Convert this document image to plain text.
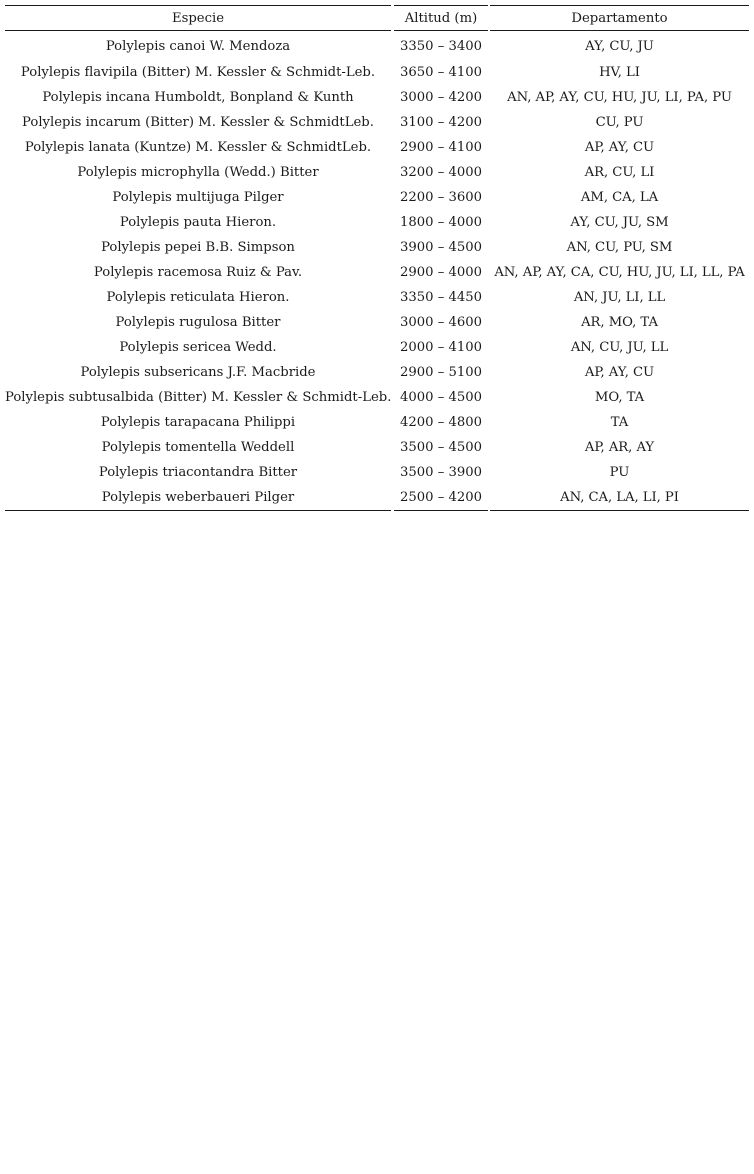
Especie		Altitud (m)		Departamento
Polylepis canoi W. Mendoza		3350 – 3400		AY, CU, JU
Polylepis flavipila (Bitter) M. Kessler & Schmidt-Leb.		3650 – 4100		HV, LI
Polylepis incana Humboldt, Bonpland & Kunth		3000 – 4200		AN, AP, AY, CU, HU, JU, LI, PA, PU
Polylepis incarum (Bitter) M. Kessler & SchmidtLeb.		3100 – 4200		CU, PU
Polylepis lanata (Kuntze) M. Kessler & SchmidtLeb.		2900 – 4100		AP, AY, CU
Polylepis microphylla (Wedd.) Bitter		3200 – 4000		AR, CU, LI
Polylepis multijuga Pilger		2200 – 3600		AM, CA, LA
Polylepis pauta Hieron.		1800 – 4000		AY, CU, JU, SM
Polylepis pepei B.B. Simpson		3900 – 4500		AN, CU, PU, SM
Polylepis racemosa Ruiz & Pav.		2900 – 4000		AN, AP, AY, CA, CU, HU, JU, LI, LL, PA
Polylepis reticulata Hieron.		3350 – 4450		AN, JU, LI, LL
Polylepis rugulosa Bitter		3000 – 4600		AR, MO, TA
Polylepis sericea Wedd.		2000 – 4100		AN, CU, JU, LL
Polylepis subsericans J.F. Macbride		2900 – 5100		AP, AY, CU
Polylepis subtusalbida (Bitter) M. Kessler & Schmidt-Leb.		4000 – 4500		MO, TA
Polylepis tarapacana Philippi		4200 – 4800		TA
Polylepis tomentella Weddell		3500 – 4500		AP, AR, AY
Polylepis triacontandra Bitter		3500 – 3900		PU
Polylepis weberbaueri Pilger		2500 – 4200		AN, CA, LA, LI, PI
